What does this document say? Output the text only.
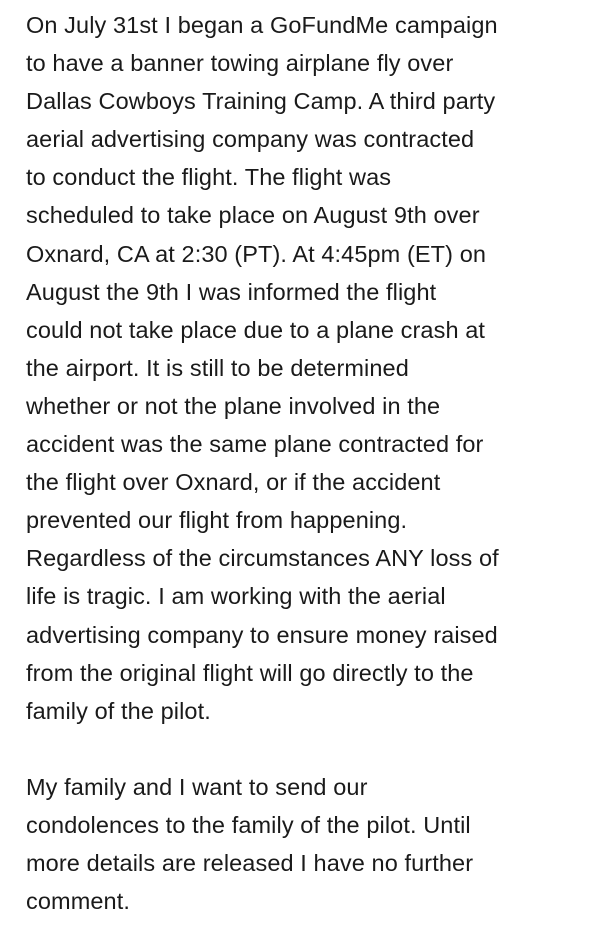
On July 31st I began a GoFundMe campaign
to have a banner towing airplane fly over
Dallas Cowboys Training Camp. A third party
aerial advertising company was contracted
to conduct the flight. The flight was
scheduled to take place on August 9th over
Oxnard, CA at 2:30 (PT). At 4:45pm (ET) on
August the 9th I was informed the flight
could not take place due to a plane crash at
the airport. It is still to be determined
whether or not the plane involved in the
accident was the same plane contracted for
the flight over Oxnard, or if the accident
prevented our flight from happening.
Regardless of the circumstances ANY loss of
life is tragic. I am working with the aerial
advertising company to ensure money raised
from the original flight will go directly to the
family of the pilot.

My family and I want to send our
condolences to the family of the pilot. Until
more details are released I have no further
comment.
